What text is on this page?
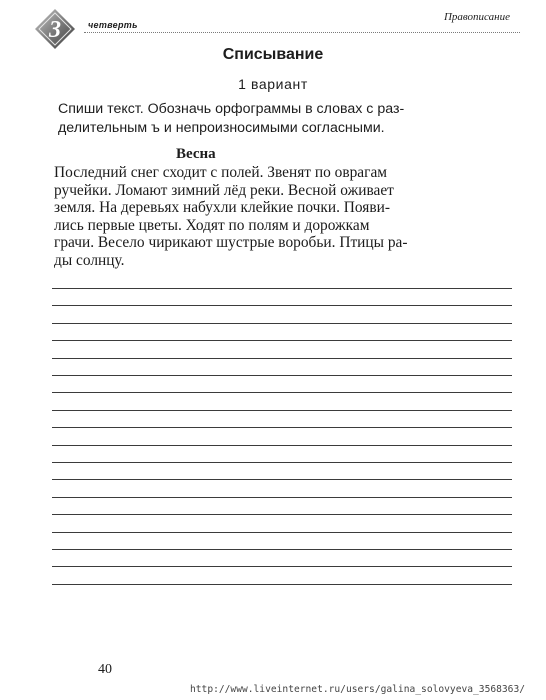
3	четверть
Правописание
Списывание
1 вариант

Спиши текст. Обозначь орфограммы в словах с раз-

делительным ъ и непроизносимыми согласными.

Весна

Последний снег сходит с полей. Звенят по оврагам

ручейки. Ломают зимний лёд реки. Весной оживает

земля. На деревьях набухли клейкие почки. Появи-

лись первые цветы. Ходят по полям и дорожкам

грачи. Весело чирикают шустрые воробьи. Птицы ра-

ды солнцу.

40
http://www.liveinternet.ru/users/galina_solovyeva_3568363/
